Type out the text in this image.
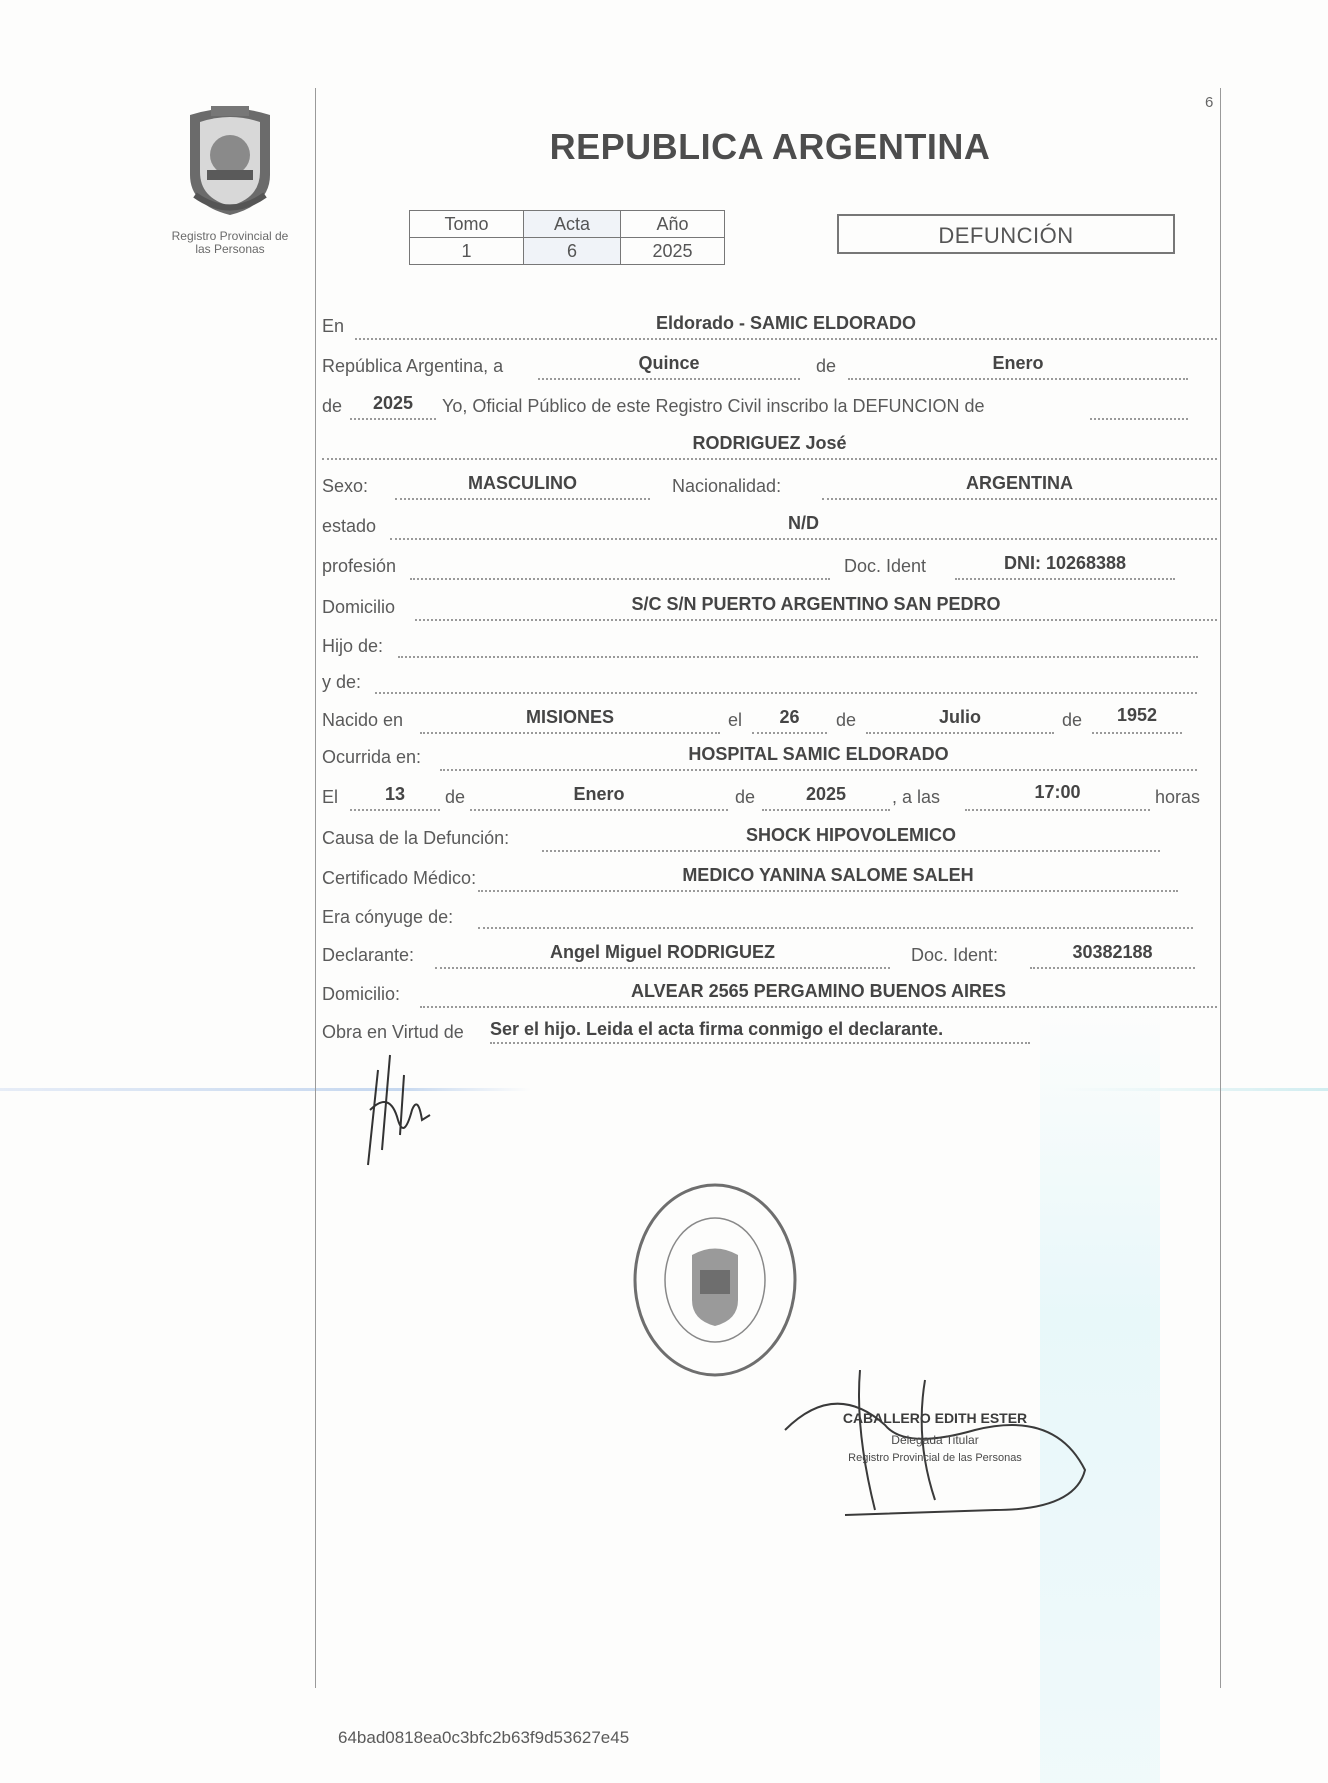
Registro Provincial de
las Personas
6
REPUBLICA ARGENTINA
Tomo	Acta	Año
1	6	2025
DEFUNCIÓN
En	Eldorado - SAMIC ELDORADO
República Argentina, a	Quince	de	Enero
de	2025	Yo, Oficial Público de este Registro Civil inscribo la DEFUNCION de
RODRIGUEZ José
Sexo:	MASCULINO	Nacionalidad:	ARGENTINA
estado	N/D
profesión	Doc. Ident	DNI: 10268388
Domicilio	S/C S/N PUERTO ARGENTINO SAN PEDRO
Hijo de:
y de:
Nacido en	MISIONES	el	26	de	Julio	de	1952
Ocurrida en:	HOSPITAL SAMIC ELDORADO
El	13	de	Enero	de	2025	, a las	17:00	horas
Causa de la Defunción:	SHOCK HIPOVOLEMICO
Certificado Médico:	MEDICO YANINA SALOME SALEH
Era cónyuge de:
Declarante:	Angel Miguel RODRIGUEZ	Doc. Ident:	30382188
Domicilio:	ALVEAR 2565 PERGAMINO BUENOS AIRES
Obra en Virtud de Ser el hijo. Leida el acta firma conmigo el declarante.
CABALLERO EDITH ESTER
Delegada Titular
Registro Provincial de las Personas
64bad0818ea0c3bfc2b63f9d53627e45
